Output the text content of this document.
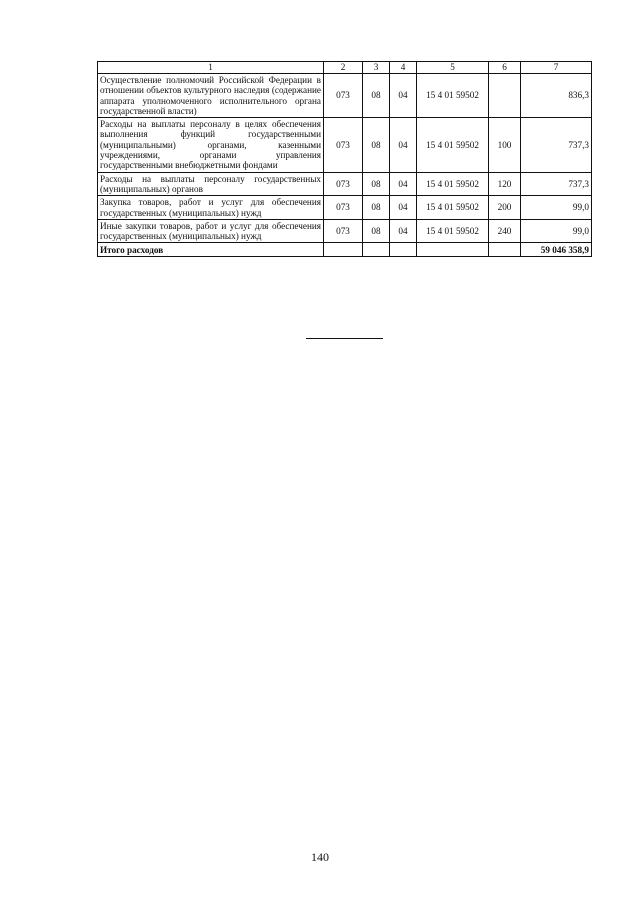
1	2	3	4	5	6	7
Осуществление полномочий Российской Федерации в отношении объектов культурного наследия (содержание аппарата уполномоченного исполнительного органа государственной власти)	073	08	04	15 4 01 59502		836,3
Расходы на выплаты персоналу в целях обеспечения выполнения функций государственными (муниципальными) органами, казенными учреждениями, органами управления государственными внебюджетными фондами	073	08	04	15 4 01 59502	100	737,3
Расходы на выплаты персоналу государственных (муниципальных) органов	073	08	04	15 4 01 59502	120	737,3
Закупка товаров, работ и услуг для обеспечения государственных (муниципальных) нужд	073	08	04	15 4 01 59502	200	99,0
Иные закупки товаров, работ и услуг для обеспечения государственных (муниципальных) нужд	073	08	04	15 4 01 59502	240	99,0
Итого расходов						59 046 358,9
140
